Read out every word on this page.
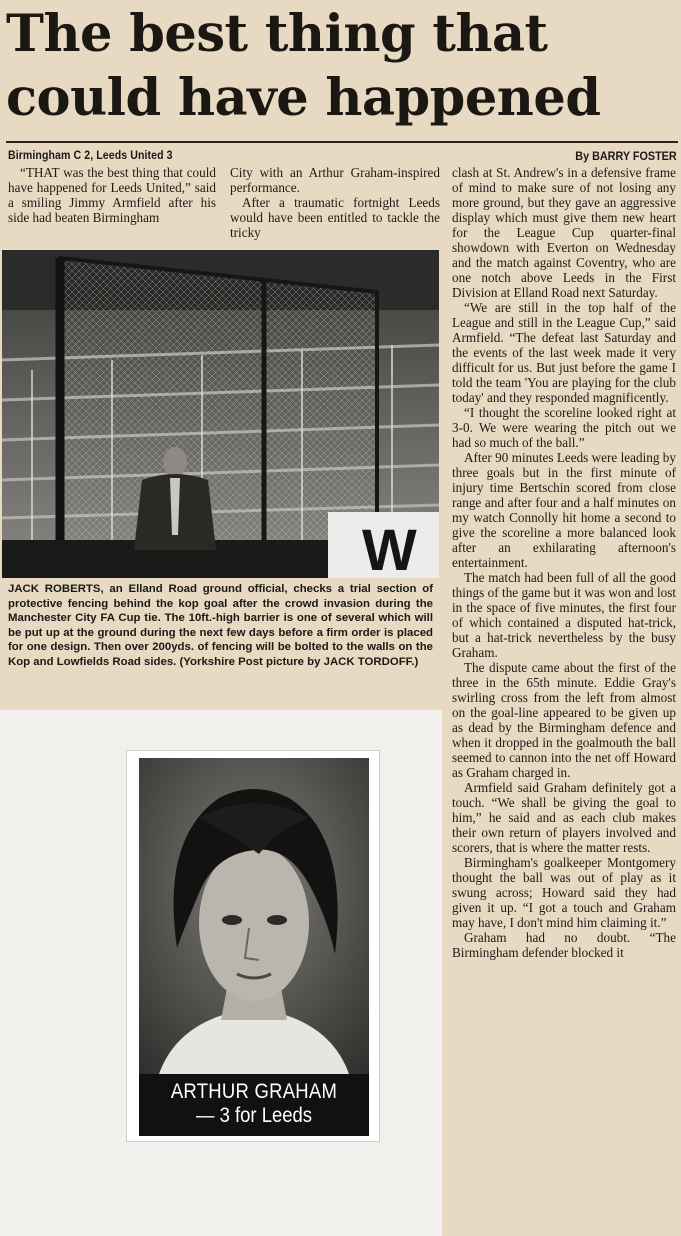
The best thing that
could have happened
Birmingham C 2, Leeds United 3	By BARRY FOSTER

“THAT was the best thing that could have happened for Leeds United,” said a smiling Jimmy Armfield after his side had beaten Birmingham

City with an Arthur Graham-inspired performance.

After a traumatic fortnight Leeds would have been entitled to tackle the tricky

clash at St. Andrew's in a defensive frame of mind to make sure of not losing any more ground, but they gave an aggressive display which must give them new heart for the League Cup quarter-final showdown with Everton on Wednesday and the match against Coventry, who are one notch above Leeds in the First Division at Elland Road next Saturday.

“We are still in the top half of the League and still in the League Cup,” said Armfield. “The defeat last Saturday and the events of the last week made it very difficult for us. But just before the game I told the team 'You are playing for the club today' and they responded magnificently.

“I thought the scoreline looked right at 3-0. We were wearing the pitch out we had so much of the ball.”

After 90 minutes Leeds were leading by three goals but in the first minute of injury time Bertschin scored from close range and after four and a half minutes on my watch Connolly hit home a second to give the scoreline a more balanced look after an exhilarating afternoon's entertainment.

The match had been full of all the good things of the game but it was won and lost in the space of five minutes, the first four of which contained a disputed hat-trick, but a hat-trick nevertheless by the busy Graham.

The dispute came about the first of the three in the 65th minute. Eddie Gray's swirling cross from the left from almost on the goal-line appeared to be given up as dead by the Birmingham defence and when it dropped in the goalmouth the ball seemed to cannon into the net off Howard as Graham charged in.

Armfield said Graham definitely got a touch. “We shall be giving the goal to him,” he said and as each club makes their own return of players involved and scorers, that is where the matter rests.

Birmingham's goalkeeper Montgomery thought the ball was out of play as it swung across; Howard said they had given it up. “I got a touch and Graham may have, I don't mind him claiming it.”

Graham had no doubt. “The Birmingham defender blocked it

W
JACK ROBERTS, an Elland Road ground official, checks a trial section of protective fencing behind the kop goal after the crowd invasion during the Manchester City FA Cup tie. The 10ft.-high barrier is one of several which will be put up at the ground during the next few days before a firm order is placed for one design. Then over 200yds. of fencing will be bolted to the walls on the Kop and Lowfields Road sides. (Yorkshire Post picture by JACK TORDOFF.)
ARTHUR GRAHAM
— 3 for Leeds
